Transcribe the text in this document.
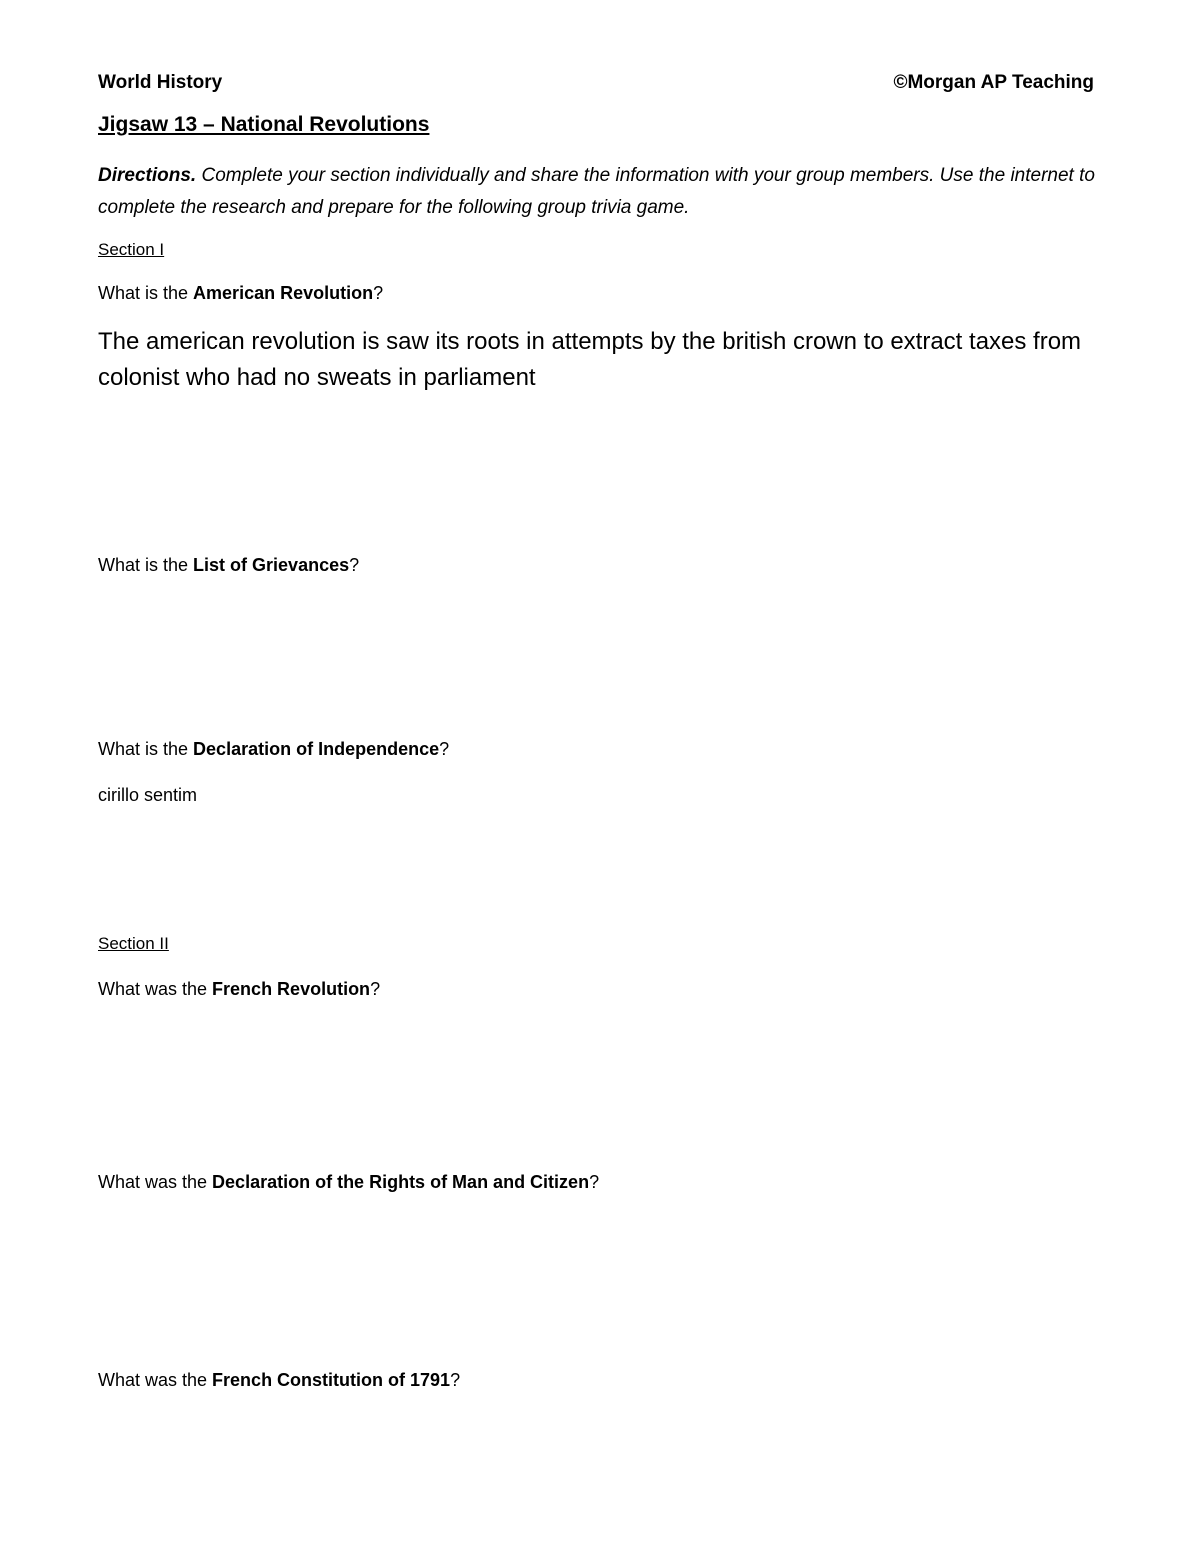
World History	©Morgan AP Teaching
Jigsaw 13 – National Revolutions
Directions. Complete your section individually and share the information with your group members. Use the internet to complete the research and prepare for the following group trivia game.
Section I
What is the American Revolution?
The american revolution is saw its roots in attempts by the british crown to extract taxes from colonist who had no sweats in parliament
What is the List of Grievances?
What is the Declaration of Independence?
cirillo sentim
Section II
What was the French Revolution?
What was the Declaration of the Rights of Man and Citizen?
What was the French Constitution of 1791?
